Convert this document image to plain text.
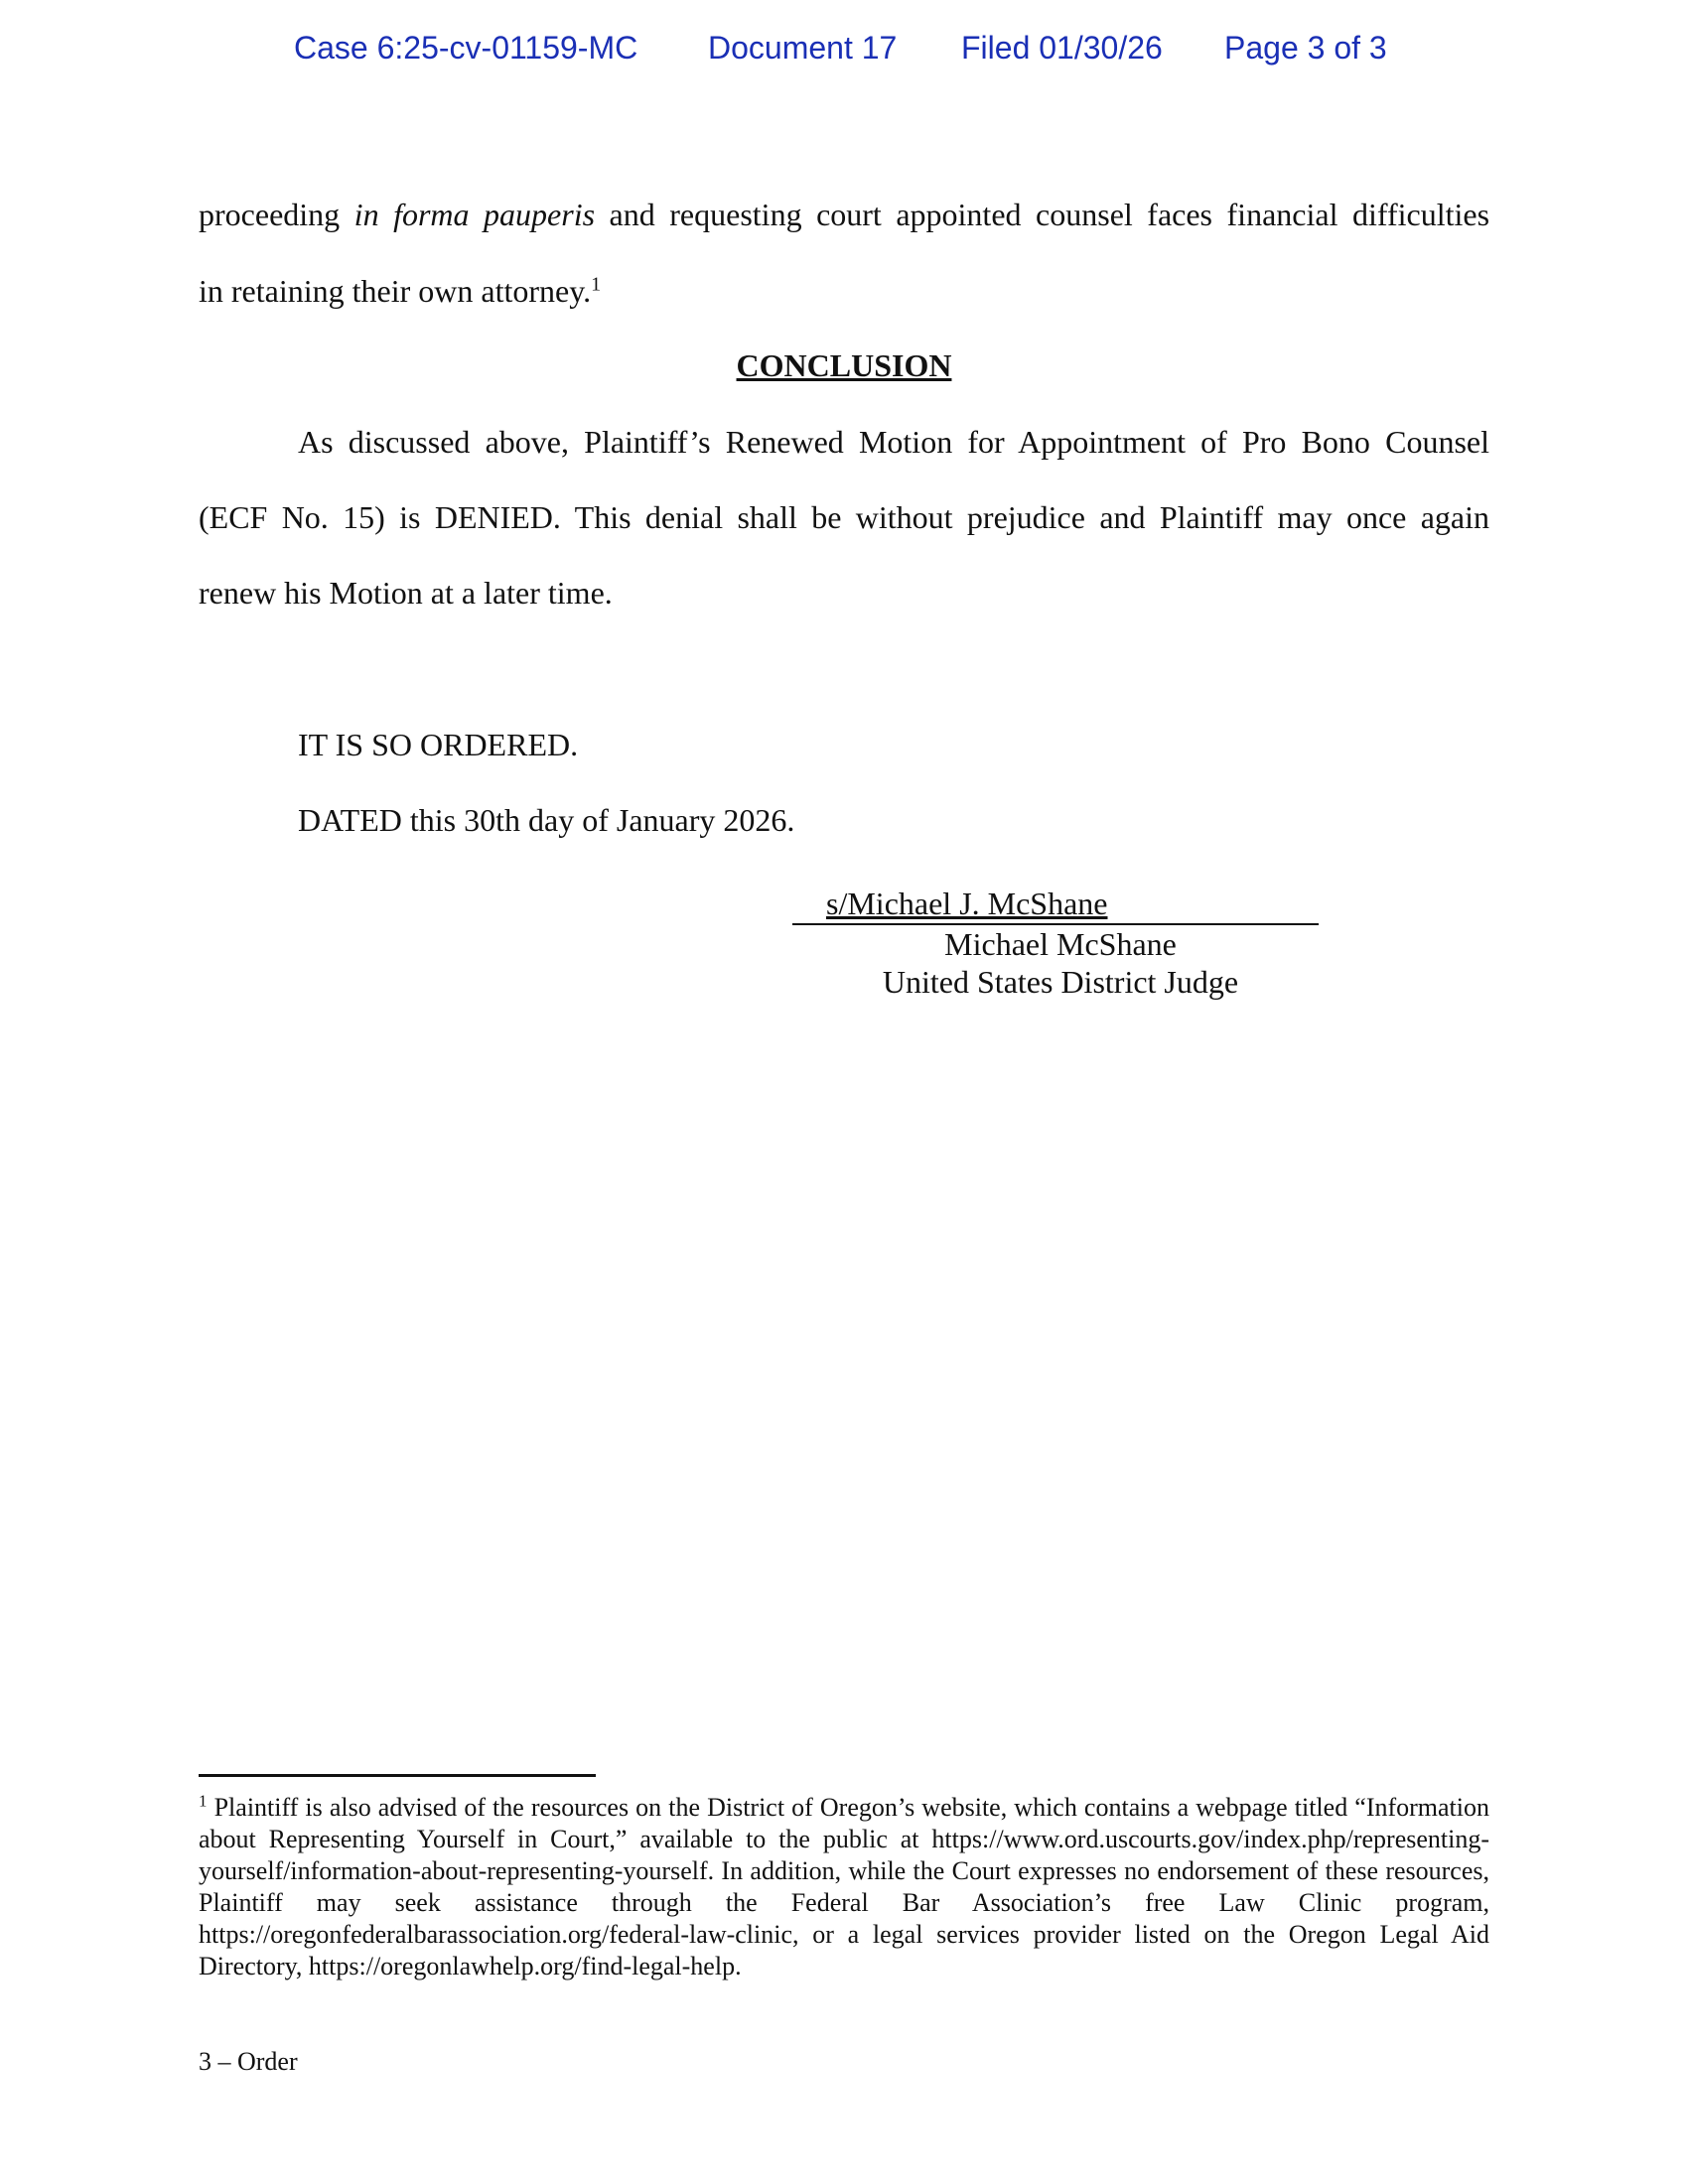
Case 6:25-cv-01159-MC Document 17 Filed 01/30/26 Page 3 of 3
proceeding in forma pauperis and requesting court appointed counsel faces financial difficulties
in retaining their own attorney.$^1$
CONCLUSION
As discussed above, Plaintiff’s Renewed Motion for Appointment of Pro Bono Counsel
(ECF No. 15) is DENIED. This denial shall be without prejudice and Plaintiff may once again
renew his Motion at a later time.
IT IS SO ORDERED.
DATED this 30th day of January 2026.
s/Michael J. McShane
Michael McShane
United States District Judge
$^1$ Plaintiff is also advised of the resources on the District of Oregon’s website, which contains a webpage titled “Information about Representing Yourself in Court,” available to the public at https://www.ord.uscourts.gov/index.php/representing-yourself/information-about-representing-yourself. In addition, while the Court expresses no endorsement of these resources, Plaintiff may seek assistance through the Federal Bar Association’s free Law Clinic program, https://oregonfederalbarassociation.org/federal-law-clinic, or a legal services provider listed on the Oregon Legal Aid Directory, https://oregonlawhelp.org/find-legal-help.
3 – Order
